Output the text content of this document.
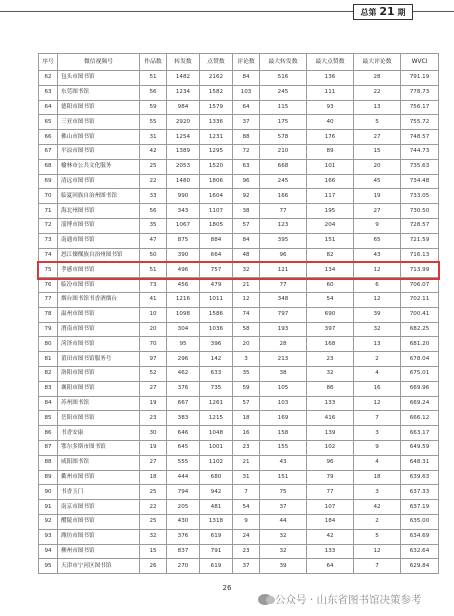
总第 21 期
序号	微信视频号	作品数	转发数	点赞数	评论数	最大转发数	最大点赞数	最大评论数	WVCI
62	包头市图书馆	51	1482	2162	84	516	136	28	791.19
63	东莞图书馆	56	1234	1582	103	245	111	22	778.73
64	德阳市图书馆	59	984	1579	64	115	93	13	756.17
65	三亚市图书馆	55	2920	1336	37	175	40	5	755.72
66	佛山市图书馆	31	1254	1231	88	578	176	27	748.57
67	平凉市图书馆	42	1389	1295	72	210	89	15	744.73
68	榆林市公共文化服务	25	2053	1520	63	668	101	20	735.63
69	清远市图书馆	22	1480	1806	96	245	166	45	734.48
70	临夏回族自治州图书馆	33	990	1604	92	166	117	19	733.05
71	海北州图书馆	56	343	1107	38	77	195	27	730.50
72	淄博市图书馆	35	1067	1805	57	123	204	9	728.57
73	南通市图书馆	47	875	884	84	395	151	65	721.59
74	怒江傈僳族自治州图书馆	50	390	664	48	96	82	43	716.13
75	孝感市图书馆	51	496	757	32	121	134	12	713.99
76	临汾市图书馆	73	456	479	21	77	60	6	706.07
77	烟台图书馆书香酒烟台	41	1216	1011	12	348	54	12	702.11
78	温州市图书馆	10	1098	1586	74	797	690	39	700.41
79	渭南市图书馆	20	304	1036	58	193	397	32	682.25
80	菏泽市图书馆	70	95	396	20	28	168	13	681.20
81	莆田市图书馆服务号	97	296	142	3	213	23	2	678.04
82	洛阳市图书馆	52	462	633	35	38	32	4	675.01
83	襄阳市图书馆	27	376	735	59	105	86	16	669.96
84	苏州图书馆	19	667	1261	57	103	133	12	669.24
85	岳阳市图书馆	23	383	1215	18	169	416	7	666.12
86	书香安康	30	646	1048	16	158	139	3	663.17
87	鄂尔多斯市图书馆	19	645	1001	23	155	102	9	649.59
88	咸阳图书馆	27	555	1102	21	43	96	4	648.31
89	衢州市图书馆	18	444	680	31	151	79	18	639.63
90	书香玉门	25	794	942	7	75	77	3	637.33
91	南京市图书馆	22	205	481	54	37	107	42	637.19
92	醴陵市图书馆	25	430	1318	9	44	184	2	635.00
93	潍坊市图书馆	32	376	619	24	32	42	5	634.69
94	柳州市图书馆	15	837	791	23	32	133	12	632.64
95	天津市宁河区图书馆	26	270	619	37	39	64	7	629.84
26
公众号 · 山东省图书馆决策参考
